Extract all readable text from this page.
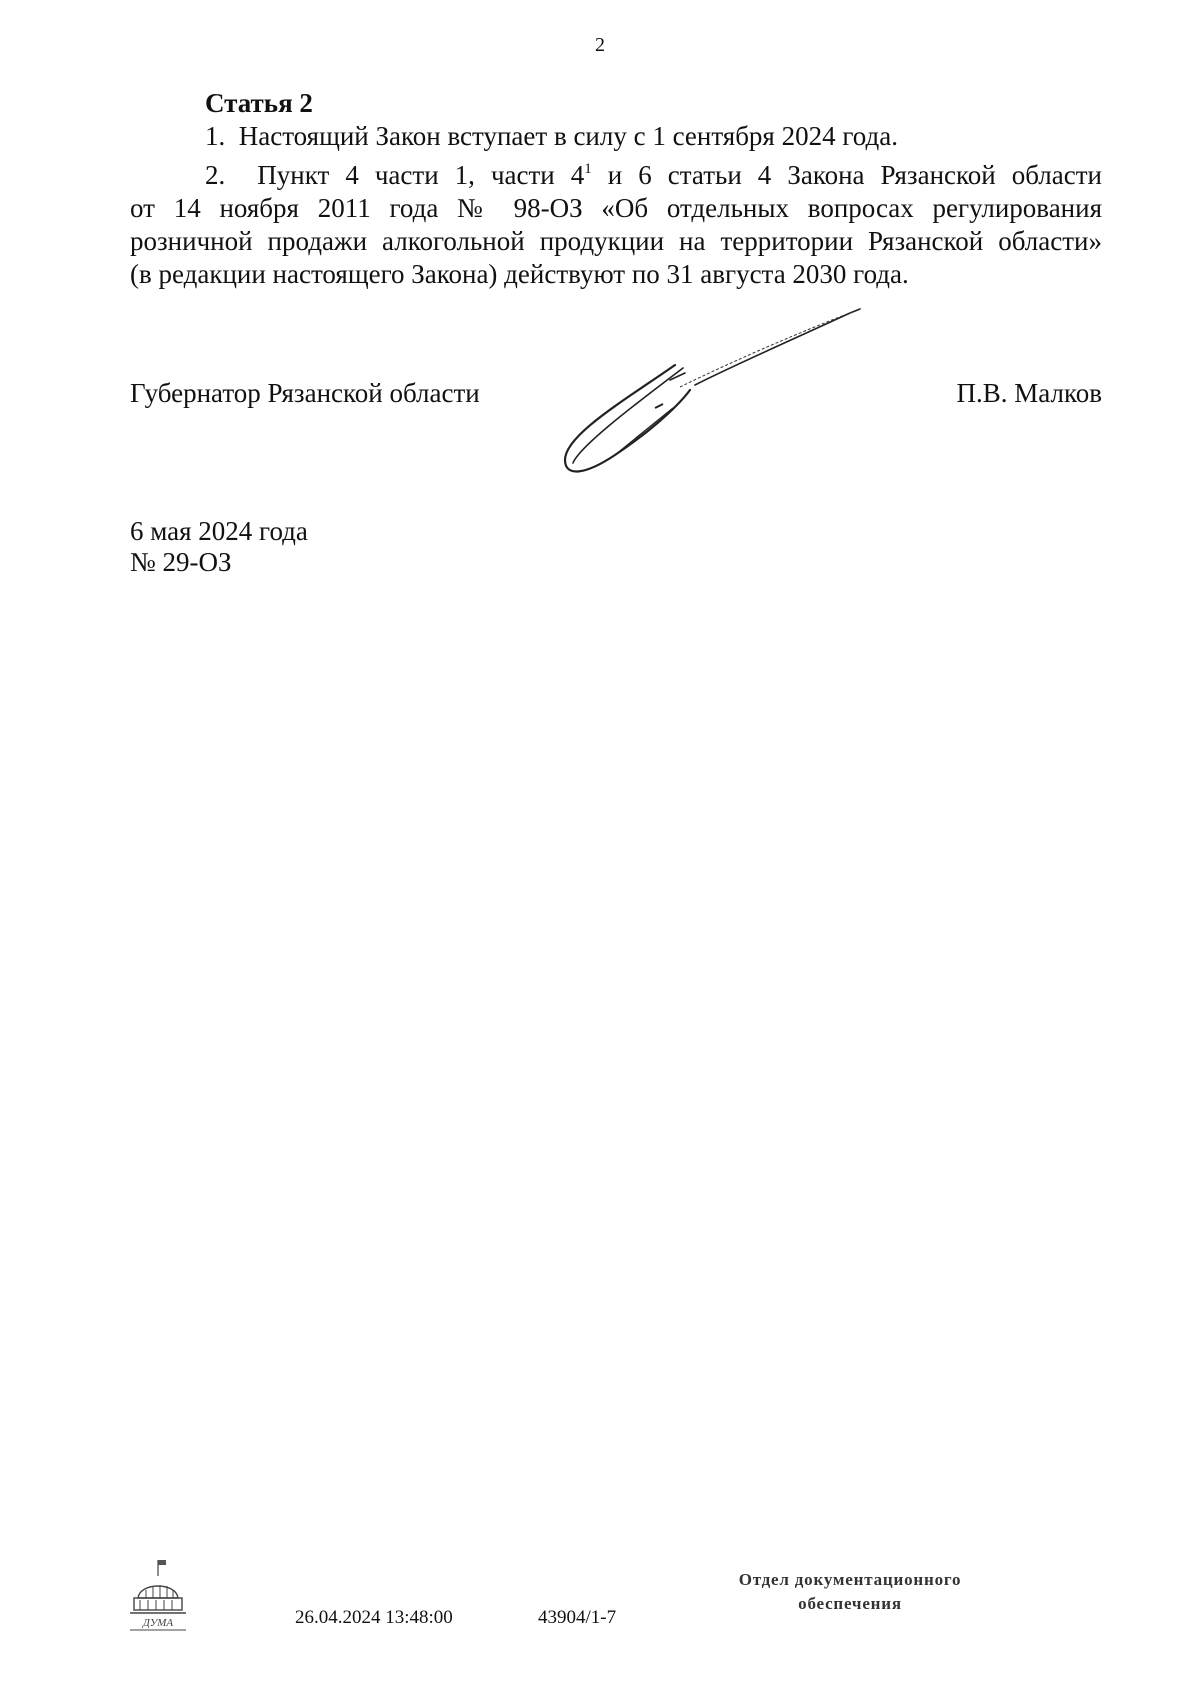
2
Статья 2
1.  Настоящий Закон вступает в силу с 1 сентября 2024 года.
2.  Пункт 4 части 1, части $4^1$ и 6 статьи 4 Закона Рязанской области
от 14 ноября 2011 года № 98-ОЗ «Об отдельных вопросах регулирования
розничной продажи алкогольной продукции на территории Рязанской области»
(в редакции настоящего Закона) действуют по 31 августа 2030 года.
Губернатор Рязанской области	П.В. Малков
6 мая 2024 года
№ 29-ОЗ
ДУМА	26.04.2024 13:48:00	43904/1-7
Отдел документационного
обеспечения
